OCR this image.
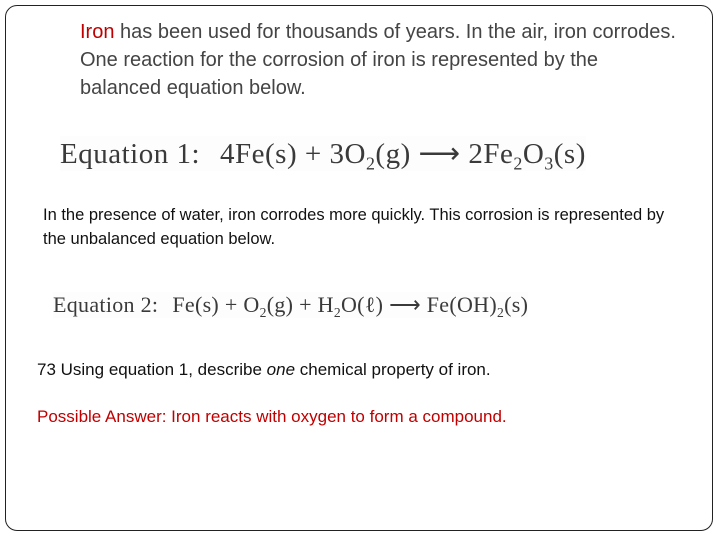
Iron has been used for thousands of years. In the air, iron corrodes. One reaction for the corrosion of iron is represented by the balanced equation below.
Equation 1: $4Fe(s) + 3O_2(g)$ ⟶ $2Fe_2O_3(s)$
In the presence of water, iron corrodes more quickly. This corrosion is represented by the unbalanced equation below.
Equation 2: $Fe(s) + O_2(g)$ + $H_2O(\ell)$ ⟶ $Fe(OH)_2(s)$
73 Using equation 1, describe one chemical property of iron.
Possible Answer: Iron reacts with oxygen to form a compound.
